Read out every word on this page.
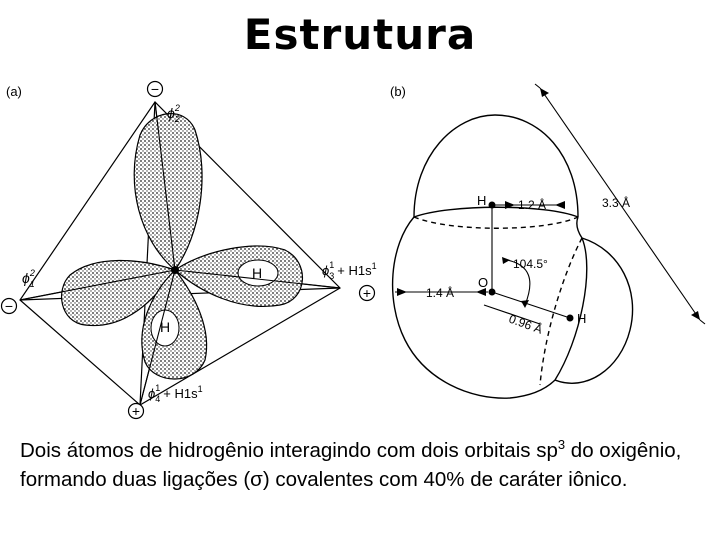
Estrutura
(a)
H
H
−
−
+
+
$\phi_22$
$\phi_12$	$\phi_31 + H1s^1$
$\phi_41 + H1s^1$
(b)
H
O
H
1.2 Å	3.3 Å
1.4 Å
104.5°
0.96 Å
Dois átomos de hidrogênio interagindo com dois orbitais $sp^3$ do oxigênio, formando duas ligações (σ) covalentes com 40% de caráter iônico.
